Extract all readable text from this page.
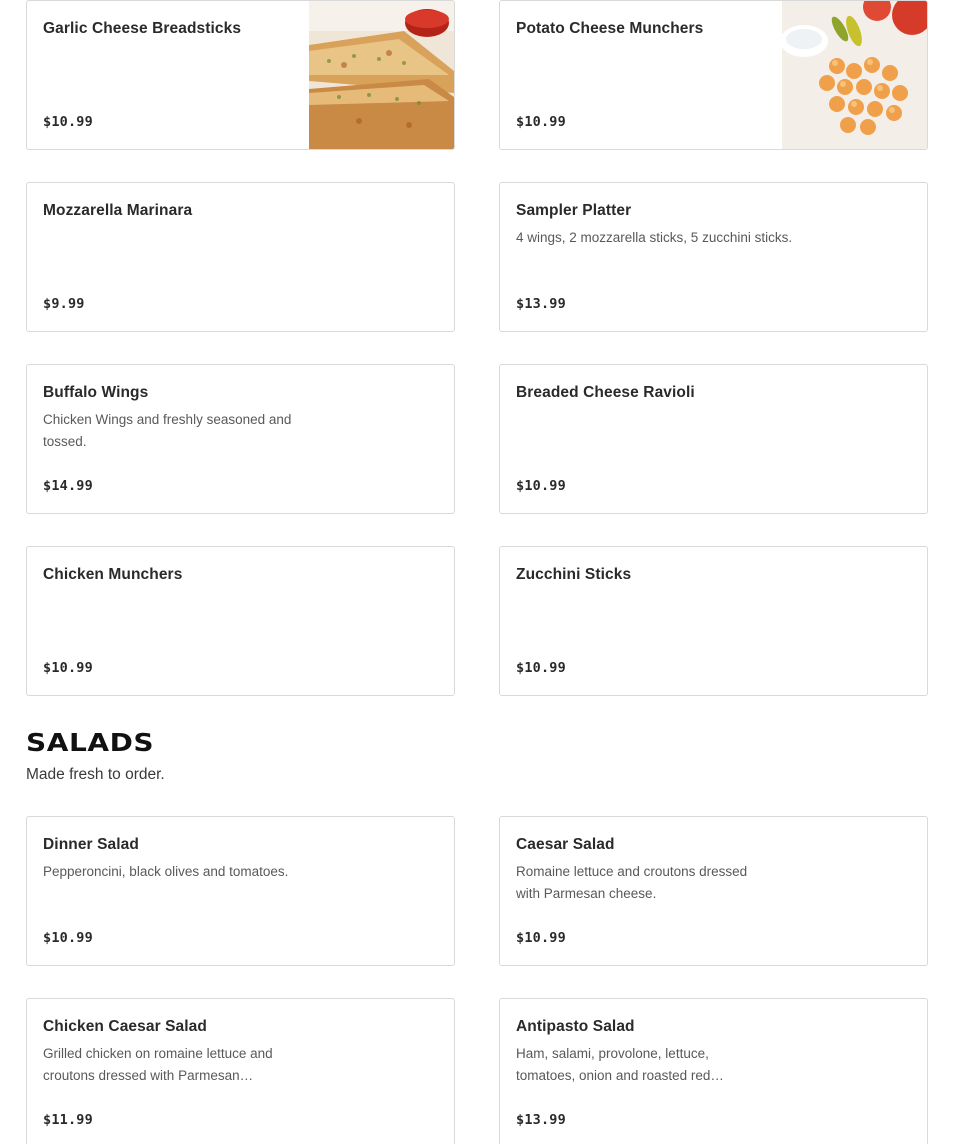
Garlic Cheese Breadsticks
$10.99
Potato Cheese Munchers
$10.99
Mozzarella Marinara
$9.99
Sampler Platter
4 wings, 2 mozzarella sticks, 5 zucchini sticks.
$13.99
Buffalo Wings
Chicken Wings and freshly seasoned and tossed.
$14.99
Breaded Cheese Ravioli
$10.99
Chicken Munchers
$10.99
Zucchini Sticks
$10.99
SALADS
Made fresh to order.
Dinner Salad
Pepperoncini, black olives and tomatoes.
$10.99
Caesar Salad
Romaine lettuce and croutons dressed with Parmesan cheese.
$10.99
Chicken Caesar Salad
Grilled chicken on romaine lettuce and croutons dressed with Parmesan…
$11.99
Antipasto Salad
Ham, salami, provolone, lettuce, tomatoes, onion and roasted red…
$13.99
